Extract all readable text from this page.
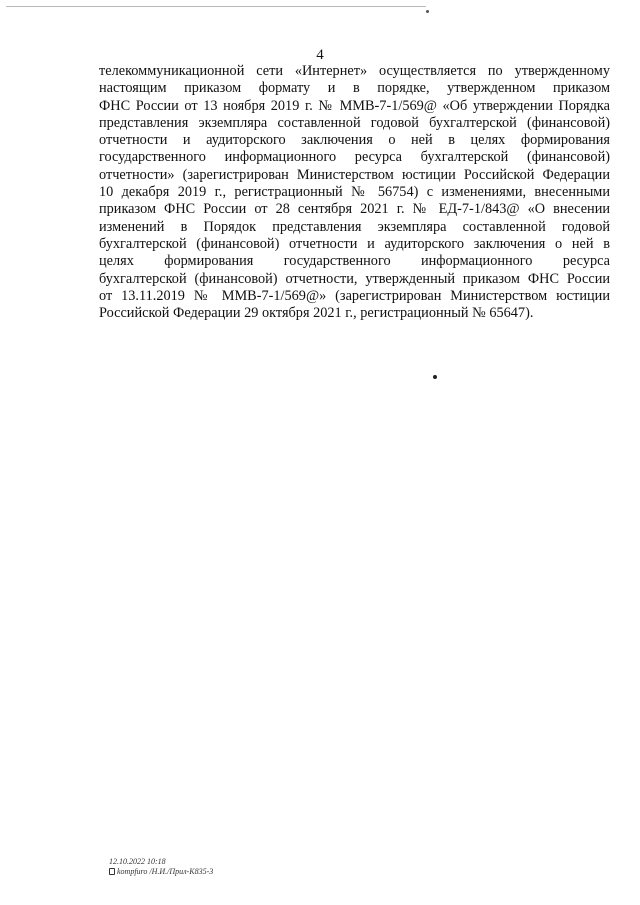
4
телекоммуникационной сети «Интернет» осуществляется по утвержденному
настоящим приказом формату и в порядке, утвержденном приказом
ФНС России от 13 ноября 2019 г. № ММВ-7-1/569@ «Об утверждении Порядка
представления экземпляра составленной годовой бухгалтерской (финансовой)
отчетности и аудиторского заключения о ней в целях формирования
государственного информационного ресурса бухгалтерской (финансовой)
отчетности» (зарегистрирован Министерством юстиции Российской Федерации
10 декабря 2019 г., регистрационный № 56754) с изменениями, внесенными
приказом ФНС России от 28 сентября 2021 г. № ЕД-7-1/843@ «О внесении
изменений в Порядок представления экземпляра составленной годовой
бухгалтерской (финансовой) отчетности и аудиторского заключения о ней в
целях формирования государственного информационного ресурса
бухгалтерской (финансовой) отчетности, утвержденный приказом ФНС России
от 13.11.2019 № ММВ-7-1/569@» (зарегистрирован Министерством юстиции
Российской Федерации 29 октября 2021 г., регистрационный № 65647).
12.10.2022 10:18
kompfuro /Н.И./Прил-К835-3
